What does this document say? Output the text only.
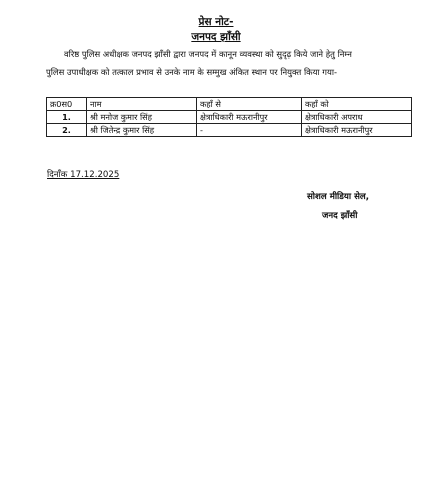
प्रेस नोट-
जनपद झाँसी
वरिष्ठ पुलिस अधीक्षक जनपद झाँसी द्वारा जनपद में कानून व्यवस्था को सुदृढ़ किये जाने हेतु निम्न
पुलिस उपाधीक्षक को तत्काल प्रभाव से उनके नाम के सम्मुख अंकित स्थान पर नियुक्त किया गया-
क्र0स0	नाम	कहाँ से	कहाँ को
1.	श्री मनोज कुमार सिंह	क्षेत्राधिकारी मऊरानीपुर	क्षेत्राधिकारी अपराध
2.	श्री जितेन्द्र कुमार सिंह	-	क्षेत्राधिकारी मऊरानीपुर
दिनाँक 17.12.2025
सोशल मीडिया सेल,
जनद झाँसी
